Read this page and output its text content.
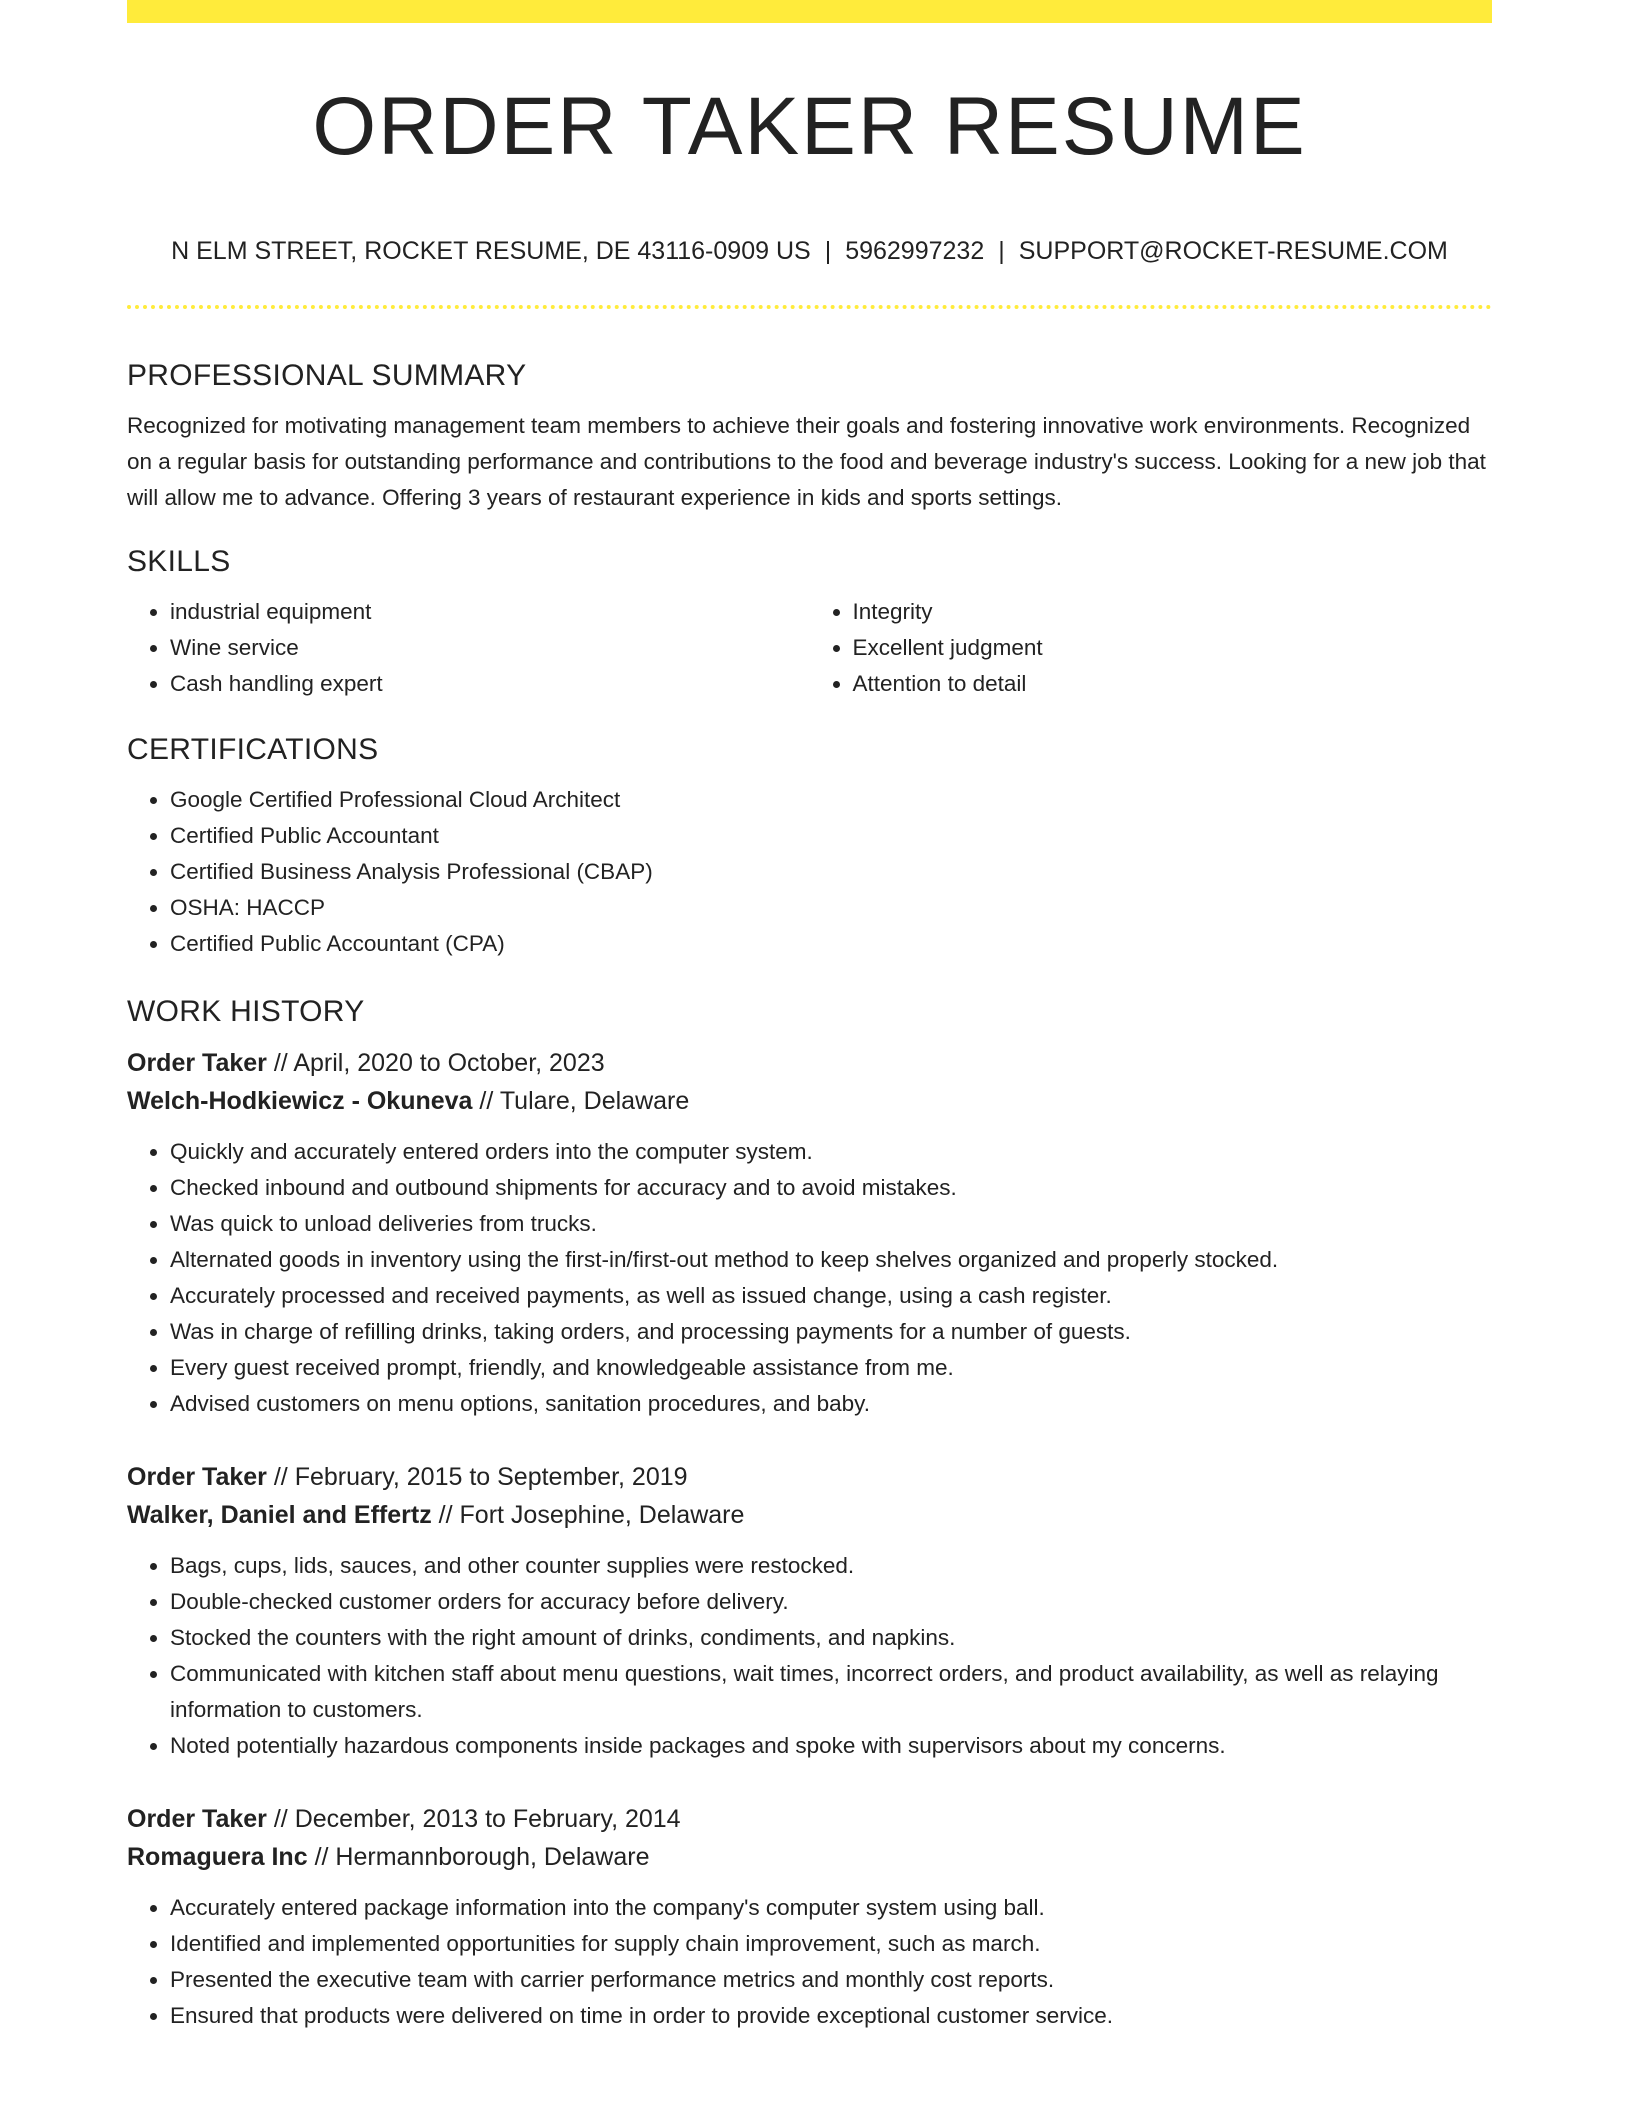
ORDER TAKER RESUME
N ELM STREET, ROCKET RESUME, DE 43116-0909 US | 5962997232 | SUPPORT@ROCKET-RESUME.COM
PROFESSIONAL SUMMARY

Recognized for motivating management team members to achieve their goals and fostering innovative work environments. Recognized on a regular basis for outstanding performance and contributions to the food and beverage industry's success. Looking for a new job that will allow me to advance. Offering 3 years of restaurant experience in kids and sports settings.

SKILLS
• industrial equipment
• Wine service
• Cash handling expert
• Integrity
• Excellent judgment
• Attention to detail
CERTIFICATIONS
• Google Certified Professional Cloud Architect
• Certified Public Accountant
• Certified Business Analysis Professional (CBAP)
• OSHA: HACCP
• Certified Public Accountant (CPA)
WORK HISTORY
Order Taker // April, 2020 to October, 2023
Welch-Hodkiewicz - Okuneva // Tulare, Delaware
• Quickly and accurately entered orders into the computer system.
• Checked inbound and outbound shipments for accuracy and to avoid mistakes.
• Was quick to unload deliveries from trucks.
• Alternated goods in inventory using the first-in/first-out method to keep shelves organized and properly stocked.
• Accurately processed and received payments, as well as issued change, using a cash register.
• Was in charge of refilling drinks, taking orders, and processing payments for a number of guests.
• Every guest received prompt, friendly, and knowledgeable assistance from me.
• Advised customers on menu options, sanitation procedures, and baby.
Order Taker // February, 2015 to September, 2019
Walker, Daniel and Effertz // Fort Josephine, Delaware
• Bags, cups, lids, sauces, and other counter supplies were restocked.
• Double-checked customer orders for accuracy before delivery.
• Stocked the counters with the right amount of drinks, condiments, and napkins.
• Communicated with kitchen staff about menu questions, wait times, incorrect orders, and product availability, as well as relaying information to customers.
• Noted potentially hazardous components inside packages and spoke with supervisors about my concerns.
Order Taker // December, 2013 to February, 2014
Romaguera Inc // Hermannborough, Delaware
• Accurately entered package information into the company's computer system using ball.
• Identified and implemented opportunities for supply chain improvement, such as march.
• Presented the executive team with carrier performance metrics and monthly cost reports.
• Ensured that products were delivered on time in order to provide exceptional customer service.
